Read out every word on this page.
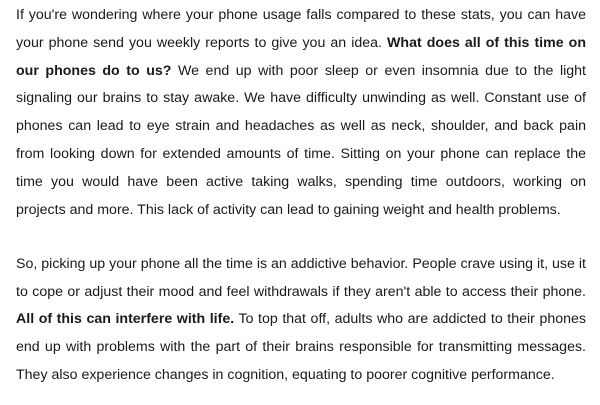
If you're wondering where your phone usage falls compared to these stats, you can have your phone send you weekly reports to give you an idea. What does all of this time on our phones do to us? We end up with poor sleep or even insomnia due to the light signaling our brains to stay awake. We have difficulty unwinding as well. Constant use of phones can lead to eye strain and headaches as well as neck, shoulder, and back pain from looking down for extended amounts of time. Sitting on your phone can replace the time you would have been active taking walks, spending time outdoors, working on projects and more. This lack of activity can lead to gaining weight and health problems.

So, picking up your phone all the time is an addictive behavior. People crave using it, use it to cope or adjust their mood and feel withdrawals if they aren't able to access their phone. All of this can interfere with life. To top that off, adults who are addicted to their phones end up with problems with the part of their brains responsible for transmitting messages. They also experience changes in cognition, equating to poorer cognitive performance.
